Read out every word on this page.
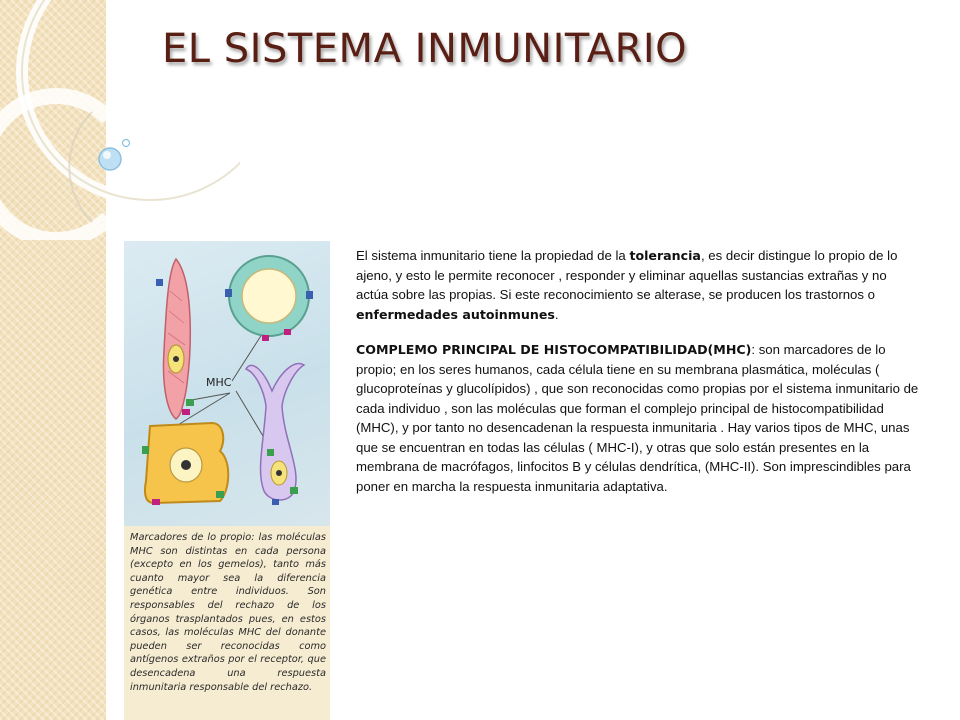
EL SISTEMA INMUNITARIO
MHC

Marcadores de lo propio: las moléculas MHC son distintas en cada persona (excepto en los gemelos), tanto más cuanto mayor sea la diferencia genética entre individuos. Son responsables del rechazo de los órganos trasplantados pues, en estos casos, las moléculas MHC del donante pueden ser reconocidas como antígenos extraños por el receptor, que desencadena una respuesta inmunitaria responsable del rechazo.

El sistema inmunitario tiene la propiedad de la tolerancia, es decir distingue lo propio de lo ajeno, y esto le permite reconocer , responder y eliminar aquellas sustancias extrañas y no actúa sobre las propias. Si este reconocimiento se alterase, se producen los trastornos o enfermedades autoinmunes.

COMPLEMO PRINCIPAL DE HISTOCOMPATIBILIDAD(MHC): son marcadores de lo propio; en los seres humanos, cada célula tiene en su membrana plasmática, moléculas ( glucoproteínas y glucolípidos) , que son reconocidas como propias por el sistema inmunitario de cada individuo , son las moléculas que forman el complejo principal de histocompatibilidad (MHC), y por tanto no desencadenan la respuesta inmunitaria . Hay varios tipos de MHC, unas que se encuentran en todas las células ( MHC-I), y otras que solo están presentes en la membrana de macrófagos, linfocitos B y células dendrítica, (MHC-II). Son imprescindibles para poner en marcha la respuesta inmunitaria adaptativa.
